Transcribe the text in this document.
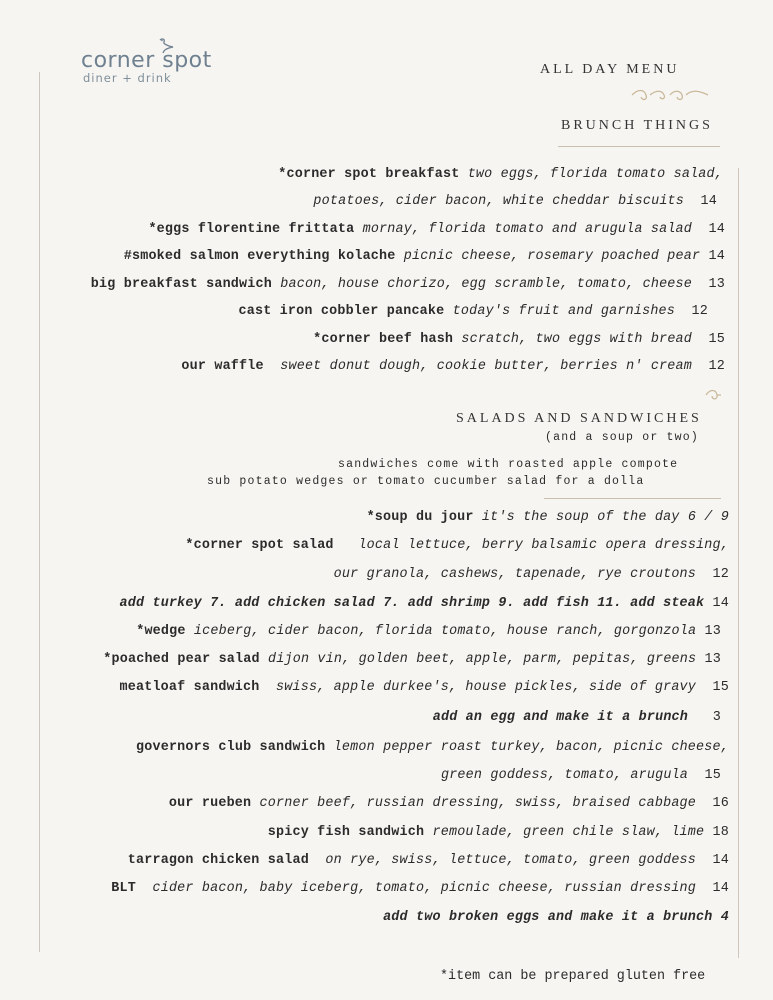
corner spot
diner + drink
ALL DAY MENU
BRUNCH THINGS
*corner spot breakfast two eggs, florida tomato salad,
potatoes, cider bacon, white cheddar biscuits 14
*eggs florentine frittata mornay, florida tomato and arugula salad 14
#smoked salmon everything kolache picnic cheese, rosemary poached pear 14
big breakfast sandwich bacon, house chorizo, egg scramble, tomato, cheese 13
cast iron cobbler pancake today's fruit and garnishes 12
*corner beef hash scratch, two eggs with bread 15
our waffle sweet donut dough, cookie butter, berries n' cream 12
SALADS AND SANDWICHES
(and a soup or two)
sandwiches come with roasted apple compote
sub potato wedges or tomato cucumber salad for a dolla
*soup du jour it's the soup of the day 6 / 9
*corner spot salad local lettuce, berry balsamic opera dressing,
our granola, cashews, tapenade, rye croutons 12
add turkey 7. add chicken salad 7. add shrimp 9. add fish 11. add steak 14
*wedge iceberg, cider bacon, florida tomato, house ranch, gorgonzola 13
*poached pear salad dijon vin, golden beet, apple, parm, pepitas, greens 13
meatloaf sandwich swiss, apple durkee's, house pickles, side of gravy 15
add an egg and make it a brunch 3
governors club sandwich lemon pepper roast turkey, bacon, picnic cheese,
green goddess, tomato, arugula 15
our rueben corner beef, russian dressing, swiss, braised cabbage 16
spicy fish sandwich remoulade, green chile slaw, lime 18
tarragon chicken salad on rye, swiss, lettuce, tomato, green goddess 14
BLT cider bacon, baby iceberg, tomato, picnic cheese, russian dressing 14
add two broken eggs and make it a brunch 4
*item can be prepared gluten free
